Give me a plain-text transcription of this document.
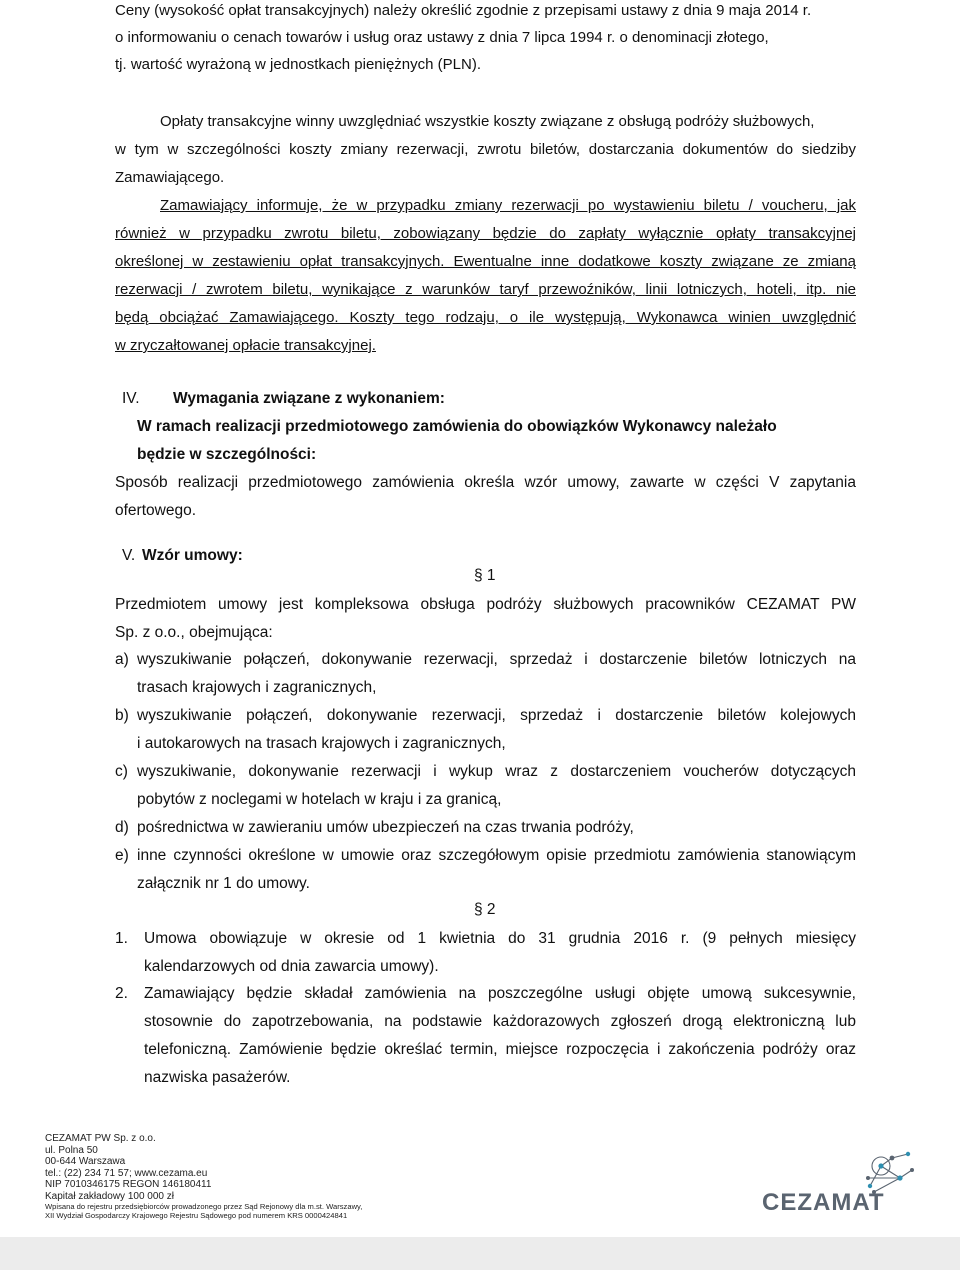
Ceny (wysokość opłat transakcyjnych) należy określić zgodnie z przepisami ustawy z dnia 9 maja 2014 r.
o informowaniu o cenach towarów i usług oraz ustawy z dnia 7 lipca 1994 r. o denominacji złotego,
tj. wartość wyrażoną w jednostkach pieniężnych (PLN).
Opłaty transakcyjne winny uwzględniać wszystkie koszty związane z obsługą podróży służbowych,
w tym w szczególności koszty zmiany rezerwacji, zwrotu biletów, dostarczania dokumentów do siedziby
Zamawiającego.
Zamawiający informuje, że w przypadku zmiany rezerwacji po wystawieniu biletu / voucheru, jak
również w przypadku zwrotu biletu, zobowiązany będzie do zapłaty wyłącznie opłaty transakcyjnej
określonej w zestawieniu opłat transakcyjnych. Ewentualne inne dodatkowe koszty związane ze zmianą
rezerwacji / zwrotem biletu, wynikające z warunków taryf przewoźników, linii lotniczych, hoteli, itp. nie
będą obciążać Zamawiającego. Koszty tego rodzaju, o ile występują, Wykonawca winien uwzględnić
w zryczałtowanej opłacie transakcyjnej.
IV. Wymagania związane z wykonaniem:
W ramach realizacji przedmiotowego zamówienia do obowiązków Wykonawcy należało
będzie w szczególności:
Sposób realizacji przedmiotowego zamówienia określa wzór umowy, zawarte w części V zapytania
ofertowego.
V. Wzór umowy:
§ 1
Przedmiotem umowy jest kompleksowa obsługa podróży służbowych pracowników CEZAMAT PW
Sp. z o.o., obejmująca:
a) wyszukiwanie połączeń, dokonywanie rezerwacji, sprzedaż i dostarczenie biletów lotniczych na
trasach krajowych i zagranicznych,
b) wyszukiwanie połączeń, dokonywanie rezerwacji, sprzedaż i dostarczenie biletów kolejowych
i autokarowych na trasach krajowych i zagranicznych,
c) wyszukiwanie, dokonywanie rezerwacji i wykup wraz z dostarczeniem voucherów dotyczących
pobytów z noclegami w hotelach w kraju i za granicą,
d) pośrednictwa w zawieraniu umów ubezpieczeń na czas trwania podróży,
e) inne czynności określone w umowie oraz szczegółowym opisie przedmiotu zamówienia stanowiącym
załącznik nr 1 do umowy.
§ 2
1. Umowa obowiązuje w okresie od 1 kwietnia do 31 grudnia 2016 r. (9 pełnych miesięcy
kalendarzowych od dnia zawarcia umowy).
2. Zamawiający będzie składał zamówienia na poszczególne usługi objęte umową sukcesywnie,
stosownie do zapotrzebowania, na podstawie każdorazowych zgłoszeń drogą elektroniczną lub
telefoniczną. Zamówienie będzie określać termin, miejsce rozpoczęcia i zakończenia podróży oraz
nazwiska pasażerów.
CEZAMAT PW Sp. z o.o.
ul. Polna 50
00-644 Warszawa
tel.: (22) 234 71 57; www.cezama.eu
NIP 7010346175 REGON 146180411
Kapitał zakładowy 100 000 zł
Wpisana do rejestru przedsiębiorców prowadzonego przez Sąd Rejonowy dla m.st. Warszawy,
XII Wydział Gospodarczy Krajowego Rejestru Sądowego pod numerem KRS 0000424841	CEZAMAT
